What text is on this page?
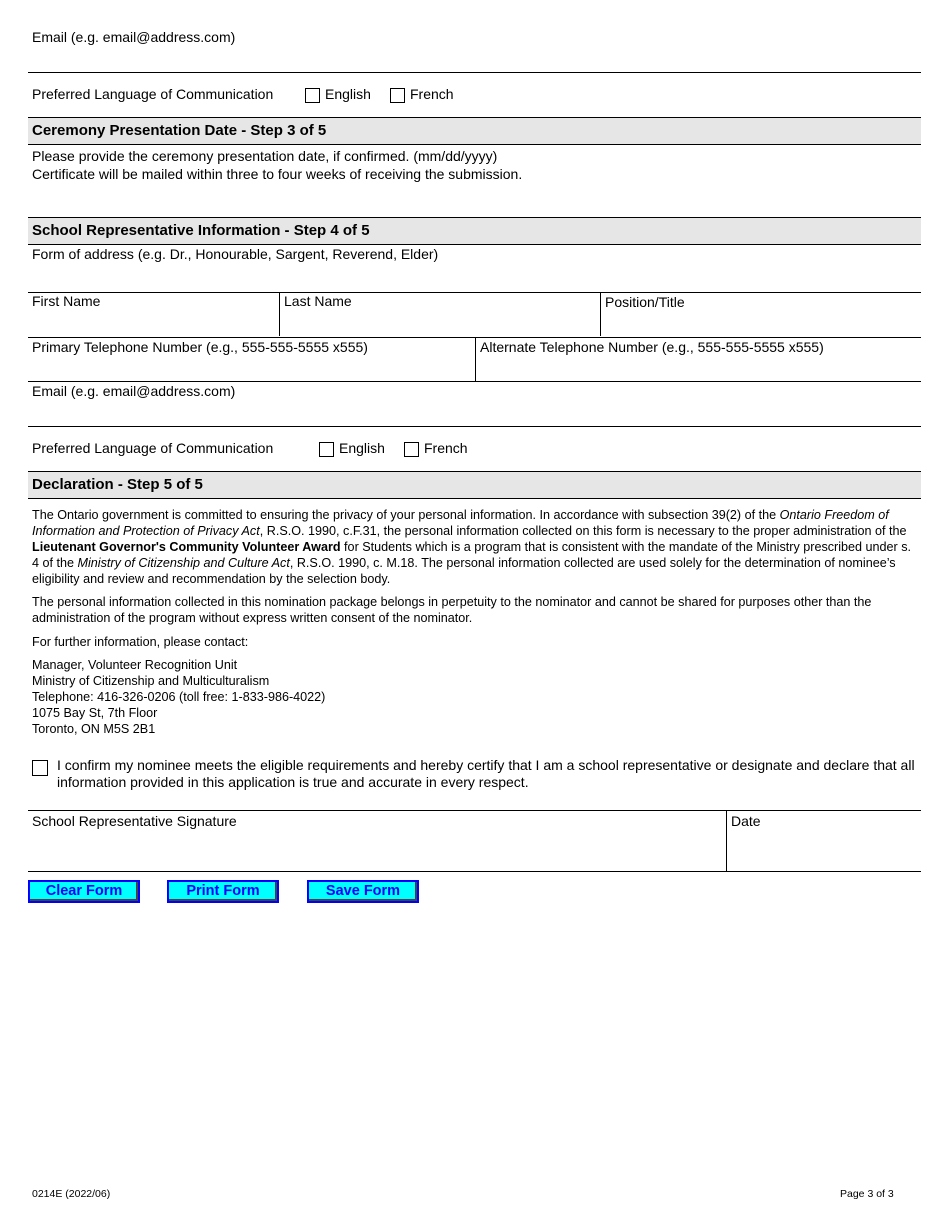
Email (e.g. email@address.com)
Preferred Language of Communication	English	French
Ceremony Presentation Date - Step 3 of 5
Please provide the ceremony presentation date, if confirmed. (mm/dd/yyyy)
Certificate will be mailed within three to four weeks of receiving the submission.
School Representative Information - Step 4 of 5
Form of address (e.g. Dr., Honourable, Sargent, Reverend, Elder)
First Name	Last Name	Position/Title
Primary Telephone Number (e.g., 555-555-5555 x555)	Alternate Telephone Number (e.g., 555-555-5555 x555)
Email (e.g. email@address.com)
Preferred Language of Communication	English	French
Declaration - Step 5 of 5
The Ontario government is committed to ensuring the privacy of your personal information. In accordance with subsection 39(2) of the Ontario Freedom of Information and Protection of Privacy Act, R.S.O. 1990, c.F.31, the personal information collected on this form is necessary to the proper administration of the Lieutenant Governor's Community Volunteer Award for Students which is a program that is consistent with the mandate of the Ministry prescribed under s. 4 of the Ministry of Citizenship and Culture Act, R.S.O. 1990, c. M.18. The personal information collected are used solely for the determination of nominee’s eligibility and review and recommendation by the selection body.
The personal information collected in this nomination package belongs in perpetuity to the nominator and cannot be shared for purposes other than the administration of the program without express written consent of the nominator.
For further information, please contact:
Manager, Volunteer Recognition Unit
Ministry of Citizenship and Multiculturalism
Telephone: 416-326-0206 (toll free: 1-833-986-4022)
1075 Bay St, 7th Floor
Toronto, ON M5S 2B1
I confirm my nominee meets the eligible requirements and hereby certify that I am a school representative or designate and declare that all information provided in this application is true and accurate in every respect.
School Representative Signature	Date
Clear Form	Print Form	Save Form
0214E (2022/06)	Page 3 of 3
